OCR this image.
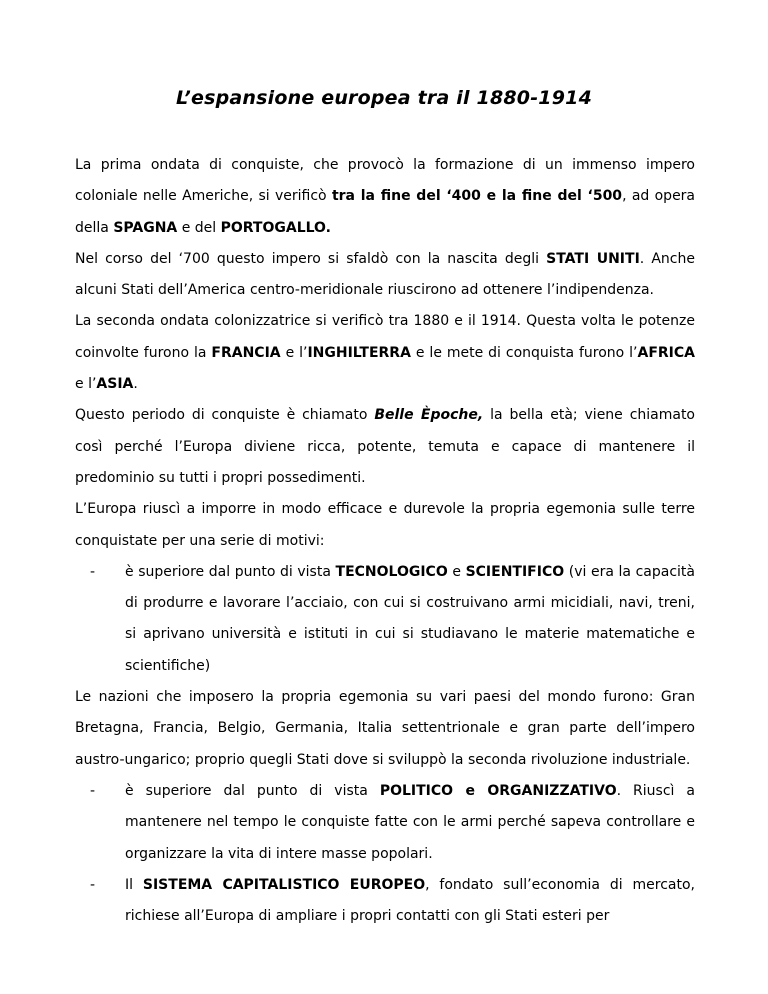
L’espansione europea tra il 1880-1914

La prima ondata di conquiste, che provocò la formazione di un immenso impero coloniale nelle Americhe, si verificò tra la fine del ‘400 e la fine del ‘500, ad opera della SPAGNA e del PORTOGALLO.

Nel corso del ‘700 questo impero si sfaldò con la nascita degli STATI UNITI. Anche alcuni Stati dell’America centro-meridionale riuscirono ad ottenere l’indipendenza.

La seconda ondata colonizzatrice si verificò tra 1880 e il 1914. Questa volta le potenze coinvolte furono la FRANCIA e l’INGHILTERRA e le mete di conquista furono l’AFRICA e l’ASIA.

Questo periodo di conquiste è chiamato Belle Èpoche, la bella età; viene chiamato così perché l’Europa diviene ricca, potente, temuta e capace di mantenere il predominio su tutti i propri possedimenti.

L’Europa riuscì a imporre in modo efficace e durevole la propria egemonia sulle terre conquistate per una serie di motivi:

- è superiore dal punto di vista TECNOLOGICO e SCIENTIFICO (vi era la capacità di produrre e lavorare l’acciaio, con cui si costruivano armi micidiali, navi, treni, si aprivano università e istituti in cui si studiavano le materie matematiche e scientifiche)

Le nazioni che imposero la propria egemonia su vari paesi del mondo furono: Gran Bretagna, Francia, Belgio, Germania, Italia settentrionale e gran parte dell’impero austro-ungarico; proprio quegli Stati dove si sviluppò la seconda rivoluzione industriale.

- è superiore dal punto di vista POLITICO e ORGANIZZATIVO. Riuscì a mantenere nel tempo le conquiste fatte con le armi perché sapeva controllare e organizzare la vita di intere masse popolari.
- Il SISTEMA CAPITALISTICO EUROPEO, fondato sull’economia di mercato, richiese all’Europa di ampliare i propri contatti con gli Stati esteri per
